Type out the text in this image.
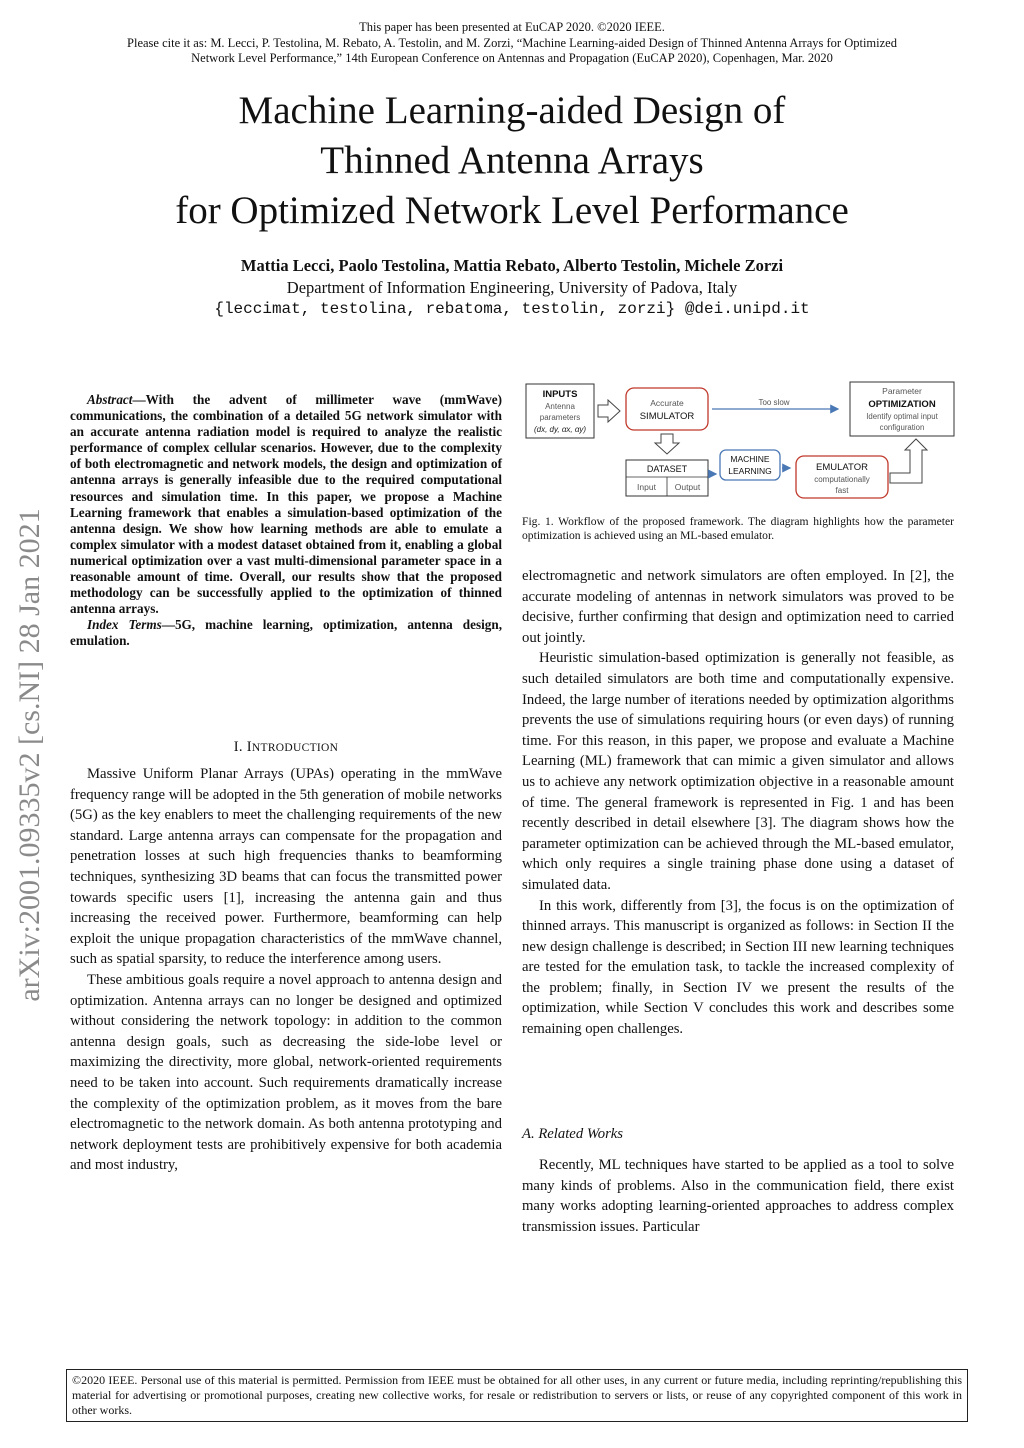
This paper has been presented at EuCAP 2020. ©2020 IEEE.
Please cite it as: M. Lecci, P. Testolina, M. Rebato, A. Testolin, and M. Zorzi, “Machine Learning-aided Design of Thinned Antenna Arrays for Optimized
Network Level Performance,” 14th European Conference on Antennas and Propagation (EuCAP 2020), Copenhagen, Mar. 2020
Machine Learning-aided Design of
Thinned Antenna Arrays
for Optimized Network Level Performance
Mattia Lecci, Paolo Testolina, Mattia Rebato, Alberto Testolin, Michele Zorzi
Department of Information Engineering, University of Padova, Italy
{leccimat, testolina, rebatoma, testolin, zorzi} @dei.unipd.it
arXiv:2001.09335v2 [cs.NI] 28 Jan 2021
Abstract—With the advent of millimeter wave (mmWave) communications, the combination of a detailed 5G network simulator with an accurate antenna radiation model is required to analyze the realistic performance of complex cellular scenarios. However, due to the complexity of both electromagnetic and network models, the design and optimization of antenna arrays is generally infeasible due to the required computational resources and simulation time. In this paper, we propose a Machine Learning framework that enables a simulation-based optimization of the antenna design. We show how learning methods are able to emulate a complex simulator with a modest dataset obtained from it, enabling a global numerical optimization over a vast multi-dimensional parameter space in a reasonable amount of time. Overall, our results show that the proposed methodology can be successfully applied to the optimization of thinned antenna arrays.
Index Terms—5G, machine learning, optimization, antenna design, emulation.
I. INTRODUCTION

Massive Uniform Planar Arrays (UPAs) operating in the mmWave frequency range will be adopted in the 5th generation of mobile networks (5G) as the key enablers to meet the challenging requirements of the new standard. Large antenna arrays can compensate for the propagation and penetration losses at such high frequencies thanks to beamforming techniques, synthesizing 3D beams that can focus the transmitted power towards specific users [1], increasing the antenna gain and thus increasing the received power. Furthermore, beamforming can help exploit the unique propagation characteristics of the mmWave channel, such as spatial sparsity, to reduce the interference among users.

These ambitious goals require a novel approach to antenna design and optimization. Antenna arrays can no longer be designed and optimized without considering the network topology: in addition to the common antenna design goals, such as decreasing the side-lobe level or maximizing the directivity, more global, network-oriented requirements need to be taken into account. Such requirements dramatically increase the complexity of the optimization problem, as it moves from the bare electromagnetic to the network domain. As both antenna prototyping and network deployment tests are prohibitively expensive for both academia and most industry,

INPUTS
Antenna
parameters
(dx, dy, αx, αy)
Accurate
SIMULATOR
Too slow
Parameter
OPTIMIZATION
Identify optimal input
configuration
DATASET
Input Output
MACHINE
LEARNING	EMULATOR
computationally
fast
Fig. 1. Workflow of the proposed framework. The diagram highlights how the parameter optimization is achieved using an ML-based emulator.

electromagnetic and network simulators are often employed. In [2], the accurate modeling of antennas in network simulators was proved to be decisive, further confirming that design and optimization need to carried out jointly.

Heuristic simulation-based optimization is generally not feasible, as such detailed simulators are both time and computationally expensive. Indeed, the large number of iterations needed by optimization algorithms prevents the use of simulations requiring hours (or even days) of running time. For this reason, in this paper, we propose and evaluate a Machine Learning (ML) framework that can mimic a given simulator and allows us to achieve any network optimization objective in a reasonable amount of time. The general framework is represented in Fig. 1 and has been recently described in detail elsewhere [3]. The diagram shows how the parameter optimization can be achieved through the ML-based emulator, which only requires a single training phase done using a dataset of simulated data.

In this work, differently from [3], the focus is on the optimization of thinned arrays. This manuscript is organized as follows: in Section II the new design challenge is described; in Section III new learning techniques are tested for the emulation task, to tackle the increased complexity of the problem; finally, in Section IV we present the results of the optimization, while Section V concludes this work and describes some remaining open challenges.

A. Related Works

Recently, ML techniques have started to be applied as a tool to solve many kinds of problems. Also in the communication field, there exist many works adopting learning-oriented approaches to address complex transmission issues. Particular

©2020 IEEE. Personal use of this material is permitted. Permission from IEEE must be obtained for all other uses, in any current or future media, including reprinting/republishing this material for advertising or promotional purposes, creating new collective works, for resale or redistribution to servers or lists, or reuse of any copyrighted component of this work in other works.
